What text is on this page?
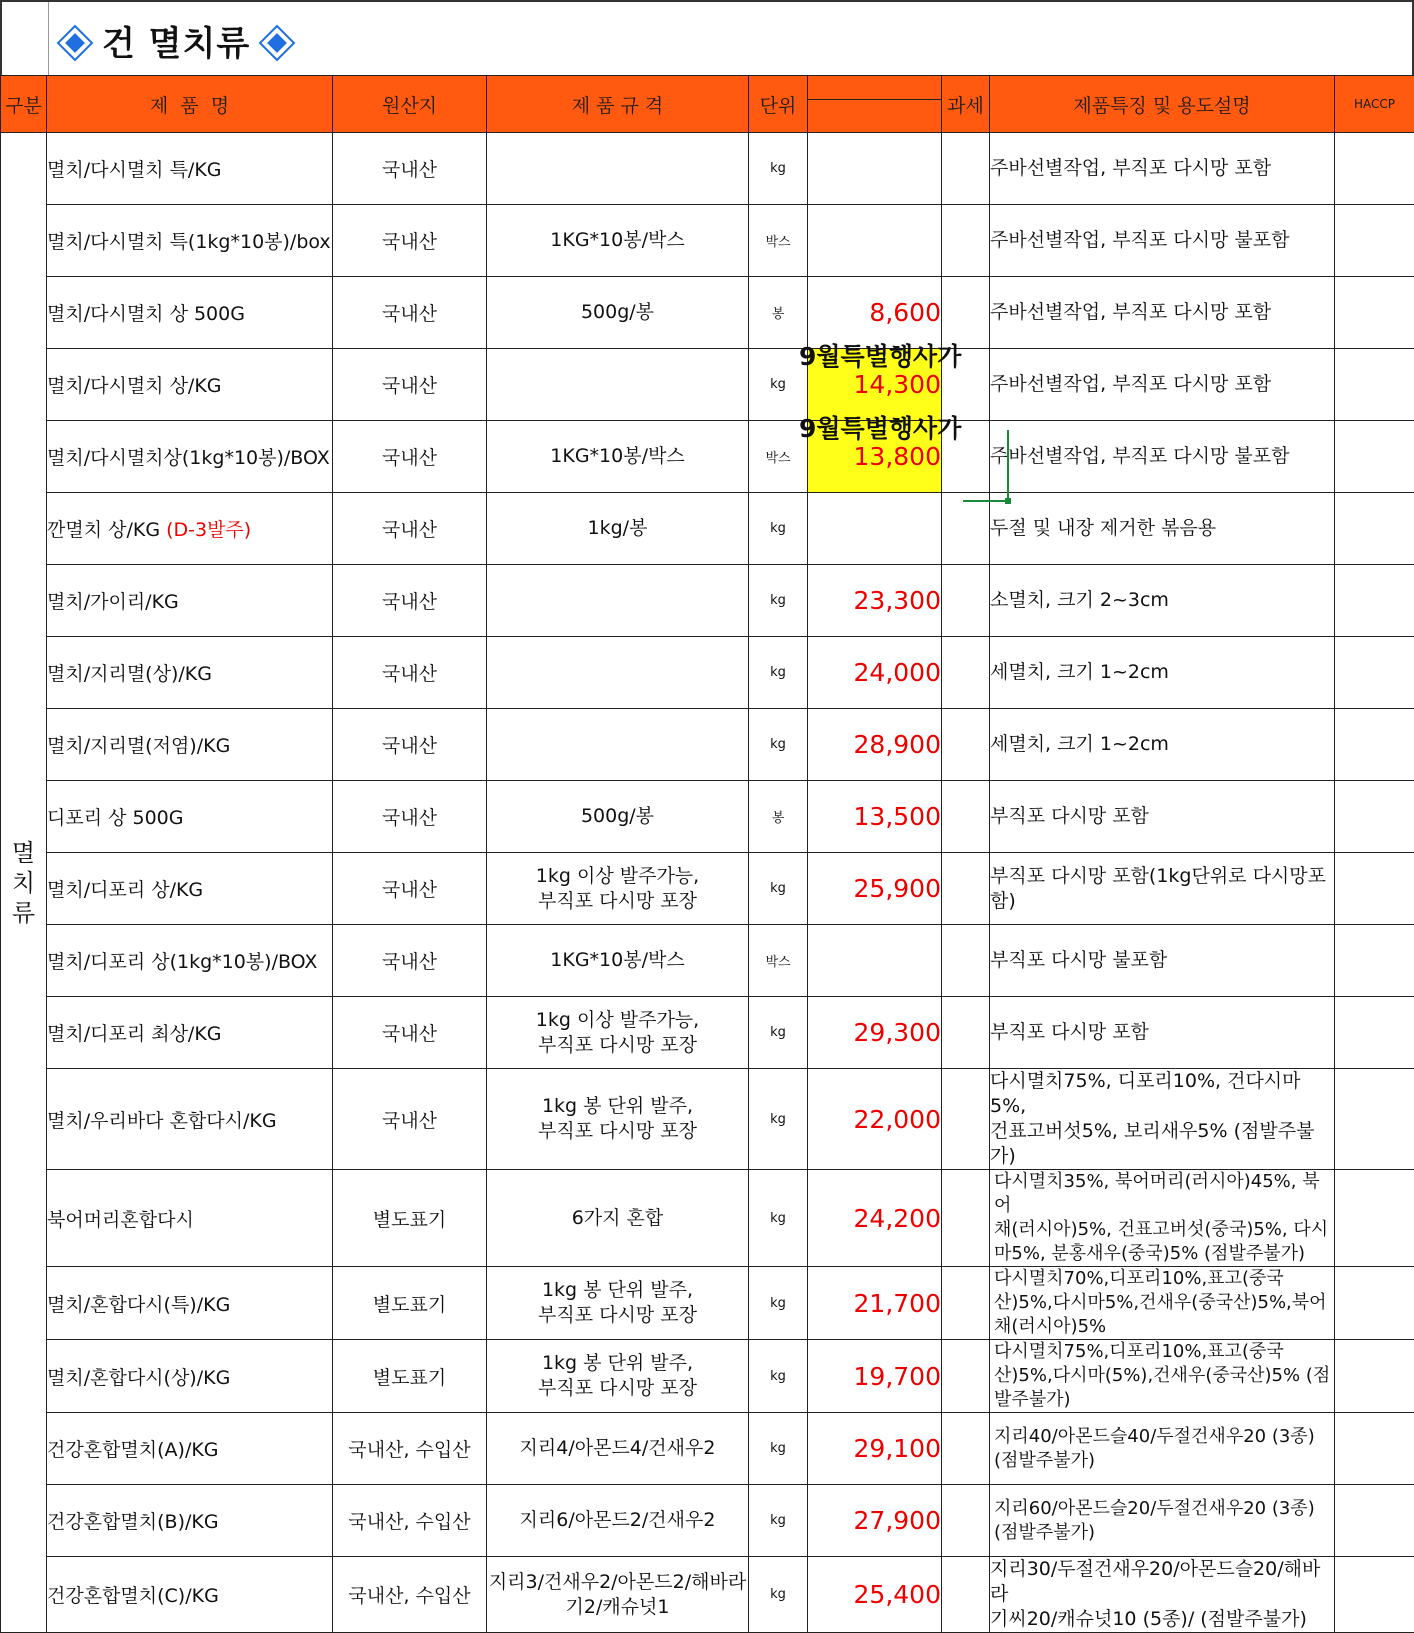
건 멸치류
구분	제  품  명	원산지	제 품 규 격	단위		과세	제품특징 및 용도설명	HACCP
멸
치
류	멸치/다시멸치 특/KG	국내산		kg			주바선별작업, 부직포 다시망 포함	
	멸치/다시멸치 특(1kg*10봉)/box	국내산	1KG*10봉/박스	박스			주바선별작업, 부직포 다시망 불포함	
	멸치/다시멸치 상 500G	국내산	500g/봉	봉	8,600		주바선별작업, 부직포 다시망 포함	
	멸치/다시멸치 상/KG	국내산		kg	14,300		주바선별작업, 부직포 다시망 포함	
	멸치/다시멸치상(1kg*10봉)/BOX	국내산	1KG*10봉/박스	박스	13,800		주바선별작업, 부직포 다시망 불포함	
	깐멸치 상/KG (D-3발주)	국내산	1kg/봉	kg			두절 및 내장 제거한 볶음용	
	멸치/가이리/KG	국내산		kg	23,300		소멸치, 크기 2~3cm	
	멸치/지리멸(상)/KG	국내산		kg	24,000		세멸치, 크기 1~2cm	
	멸치/지리멸(저염)/KG	국내산		kg	28,900		세멸치, 크기 1~2cm	
	디포리 상 500G	국내산	500g/봉	봉	13,500		부직포 다시망 포함	
	멸치/디포리 상/KG	국내산	1kg 이상 발주가능,
부직포 다시망 포장	kg	25,900		부직포 다시망 포함(1kg단위로 다시망포
함)	
	멸치/디포리 상(1kg*10봉)/BOX	국내산	1KG*10봉/박스	박스			부직포 다시망 불포함	
	멸치/디포리 최상/KG	국내산	1kg 이상 발주가능,
부직포 다시망 포장	kg	29,300		부직포 다시망 포함	
	멸치/우리바다 혼합다시/KG	국내산	1kg 봉 단위 발주,
부직포 다시망 포장	kg	22,000		다시멸치75%, 디포리10%, 건다시마5%,
건표고버섯5%, 보리새우5% (점발주불가)	
	북어머리혼합다시	별도표기	6가지 혼합	kg	24,200		다시멸치35%, 북어머리(러시아)45%, 북어
채(러시아)5%, 건표고버섯(중국)5%, 다시
마5%, 분홍새우(중국)5% (점발주불가)	
	멸치/혼합다시(특)/KG	별도표기	1kg 봉 단위 발주,
부직포 다시망 포장	kg	21,700		다시멸치70%,디포리10%,표고(중국
산)5%,다시마5%,건새우(중국산)5%,북어
채(러시아)5%	
	멸치/혼합다시(상)/KG	별도표기	1kg 봉 단위 발주,
부직포 다시망 포장	kg	19,700		다시멸치75%,디포리10%,표고(중국
산)5%,다시마(5%),건새우(중국산)5% (점
발주불가)	
	건강혼합멸치(A)/KG	국내산, 수입산	지리4/아몬드4/건새우2	kg	29,100		지리40/아몬드슬40/두절건새우20 (3종)
(점발주불가)	
	건강혼합멸치(B)/KG	국내산, 수입산	지리6/아몬드2/건새우2	kg	27,900		지리60/아몬드슬20/두절건새우20 (3종)
(점발주불가)	
	건강혼합멸치(C)/KG	국내산, 수입산	지리3/건새우2/아몬드2/해바라
기2/캐슈넛1	kg	25,400		지리30/두절건새우20/아몬드슬20/해바라
기씨20/캐슈넛10 (5종)/ (점발주불가)	
9월특별행사가
9월특별행사가
